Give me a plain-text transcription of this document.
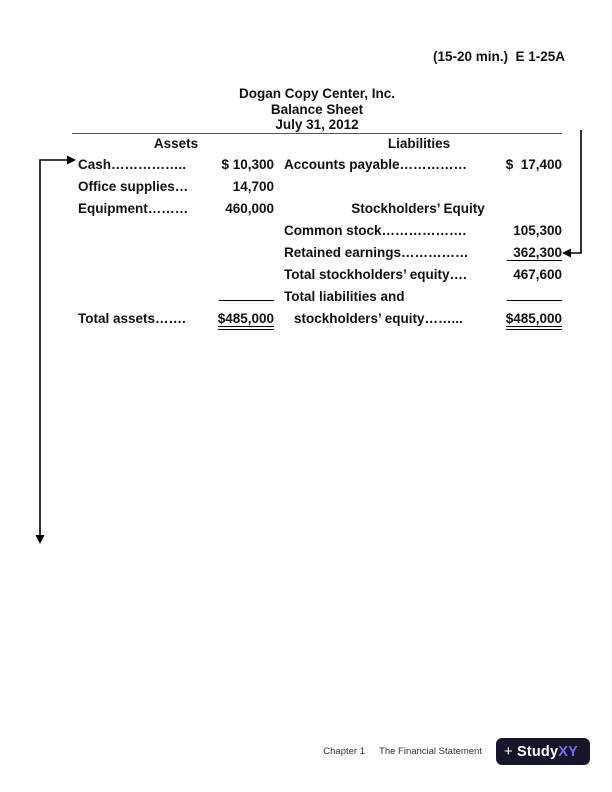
(15-20 min.)  E 1-25A
Dogan Copy Center, Inc.
Balance Sheet
July 31, 2012
Assets	Liabilities
Cash……………..	$ 10,300 Accounts payable……………	$  17,400
Office supplies…	14,700
Equipment………	460,000	Stockholders’ Equity
Common stock……………….	105,300
Retained earnings……………	362,300
Total stockholders’ equity….	467,600
Total liabilities and
Total assets…….	$485,000	stockholders’ equity……...	$485,000
Chapter 1 The Financial Statement + Study XY
